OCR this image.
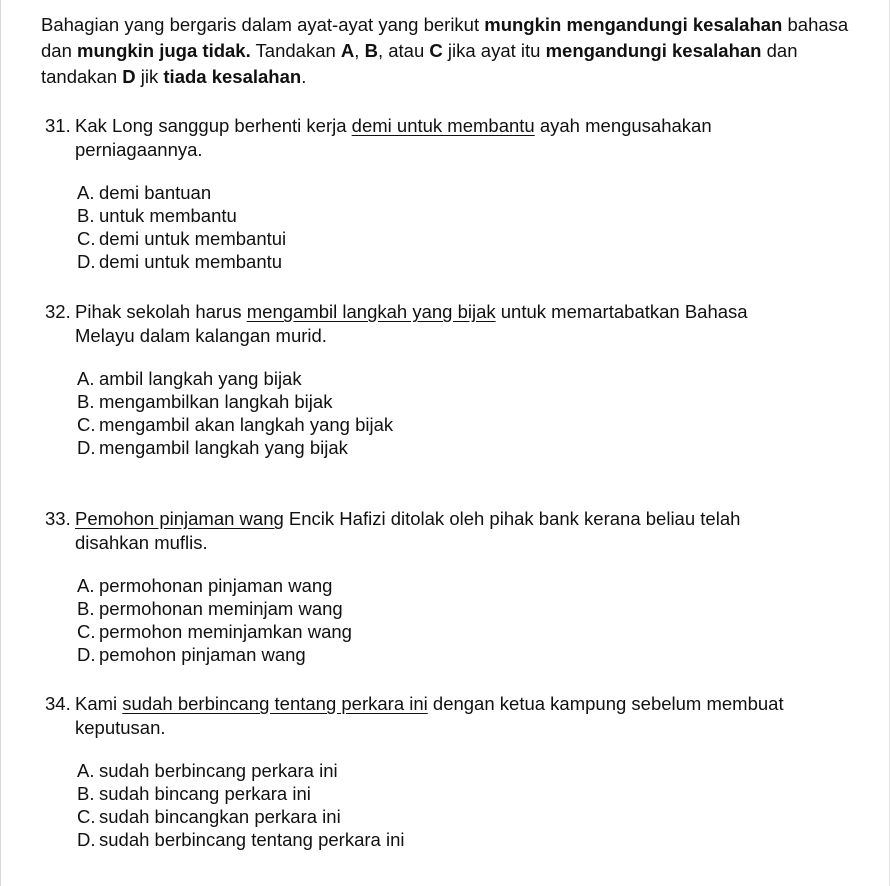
Bahagian yang bergaris dalam ayat-ayat yang berikut mungkin mengandungi kesalahan bahasa dan mungkin juga tidak. Tandakan A, B, atau C jika ayat itu mengandungi kesalahan dan tandakan D jik tiada kesalahan.
31. Kak Long sanggup berhenti kerja demi untuk membantu ayah mengusahakan perniagaannya.
A. demi bantuan
B. untuk membantu
C. demi untuk membantui
D. demi untuk membantu
32. Pihak sekolah harus mengambil langkah yang bijak untuk memartabatkan Bahasa Melayu dalam kalangan murid.
A. ambil langkah yang bijak
B. mengambilkan langkah bijak
C. mengambil akan langkah yang bijak
D. mengambil langkah yang bijak
33. Pemohon pinjaman wang Encik Hafizi ditolak oleh pihak bank kerana beliau telah disahkan muflis.
A. permohonan pinjaman wang
B. permohonan meminjam wang
C. permohon meminjamkan wang
D. pemohon pinjaman wang
34. Kami sudah berbincang tentang perkara ini dengan ketua kampung sebelum membuat keputusan.
A. sudah berbincang perkara ini
B. sudah bincang perkara ini
C. sudah bincangkan perkara ini
D. sudah berbincang tentang perkara ini
